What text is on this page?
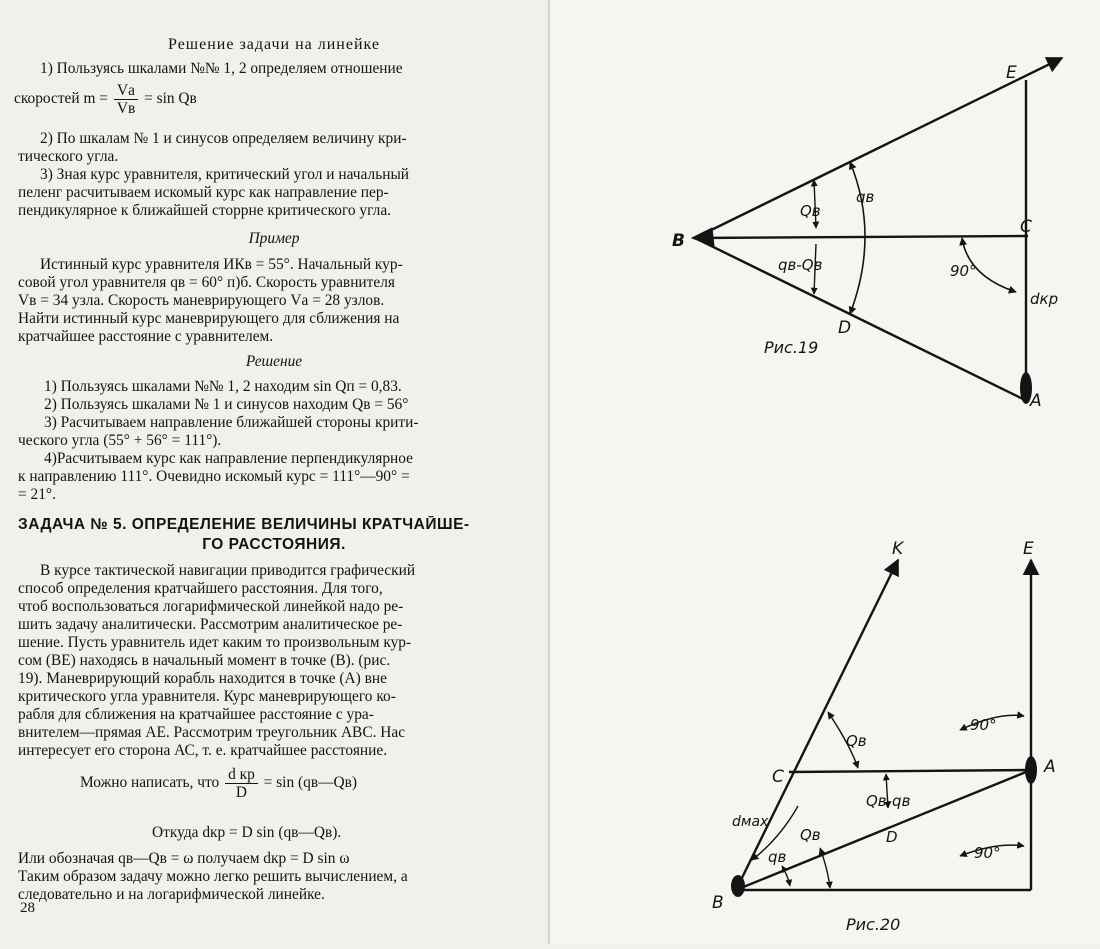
Решение задачи на линейке
1) Пользуясь шкалами №№ 1, 2 определяем отношение
скоростей $m = \frac{Vа}{Vв} = \sin$ Qв
2) По шкалам № 1 и синусов определяем величину кри-
тического угла.
3) Зная курс уравнителя, критический угол и начальный
пеленг расчитываем искомый курс как направление пер-
пендикулярное к ближайшей сторрне критического угла.
Пример
Истинный курс уравнителя ИКв = 55°. Начальный кур-
совой угол уравнителя qв = 60° п)б. Скорость уравнителя
Vв = 34 узла. Скорость маневрирующего Vа = 28 узлов.
Найти истинный курс маневрирующего для сближения на
кратчайшее расстояние с уравнителем.
Решение
1) Пользуясь шкалами №№ 1, 2 находим sin Qп = 0,83.
2) Пользуясь шкалами № 1 и синусов находим Qв = 56°
3) Расчитываем направление ближайшей стороны крити-
ческого угла (55° + 56° = 111°).
4)Расчитываем курс как направление перпендикулярное
к направлению 111°. Очевидно искомый курс = 111°—90° =
= 21°.
ЗАДАЧА № 5. ОПРЕДЕЛЕНИЕ ВЕЛИЧИНЫ КРАТЧАЙШЕ-
ГО РАССТОЯНИЯ.
В курсе тактической навигации приводится графический
способ определения кратчайшего расстояния. Для того,
чтоб воспользоваться логарифмической линейкой надо ре-
шить задачу аналитически. Рассмотрим аналитическое ре-
шение. Пусть уравнитель идет каким то произвольным кур-
сом (ВЕ) находясь в начальный момент в точке (В). (рис.
19). Маневрирующий корабль находится в точке (А) вне
критического угла уравнителя. Курс маневрирующего ко-
рабля для сближения на кратчайшее расстояние с ура-
внителем—прямая AE. Рассмотрим треугольник ABC. Нас
интересует его сторона АС, т. е. кратчайшее расстояние.
Можно написать, что $\frac{\text{d кр}}{D} = \sin$ (qв—Qв)
Откуда dкр = D sin (qв—Qв).
Или обозначая qв—Qв = ω получаем dкр = D sin ω
Таким образом задачу можно легко решить вычислением, а
следовательно и на логарифмической линейке.
28
E
B
C
D
A
Qв
qв
qв-Qв	90°
dкр
Рис.19
K	E
C	A
B
D
Qв
90°
Qв-qв
dмах
Qв
qв	90°
Рис.20
